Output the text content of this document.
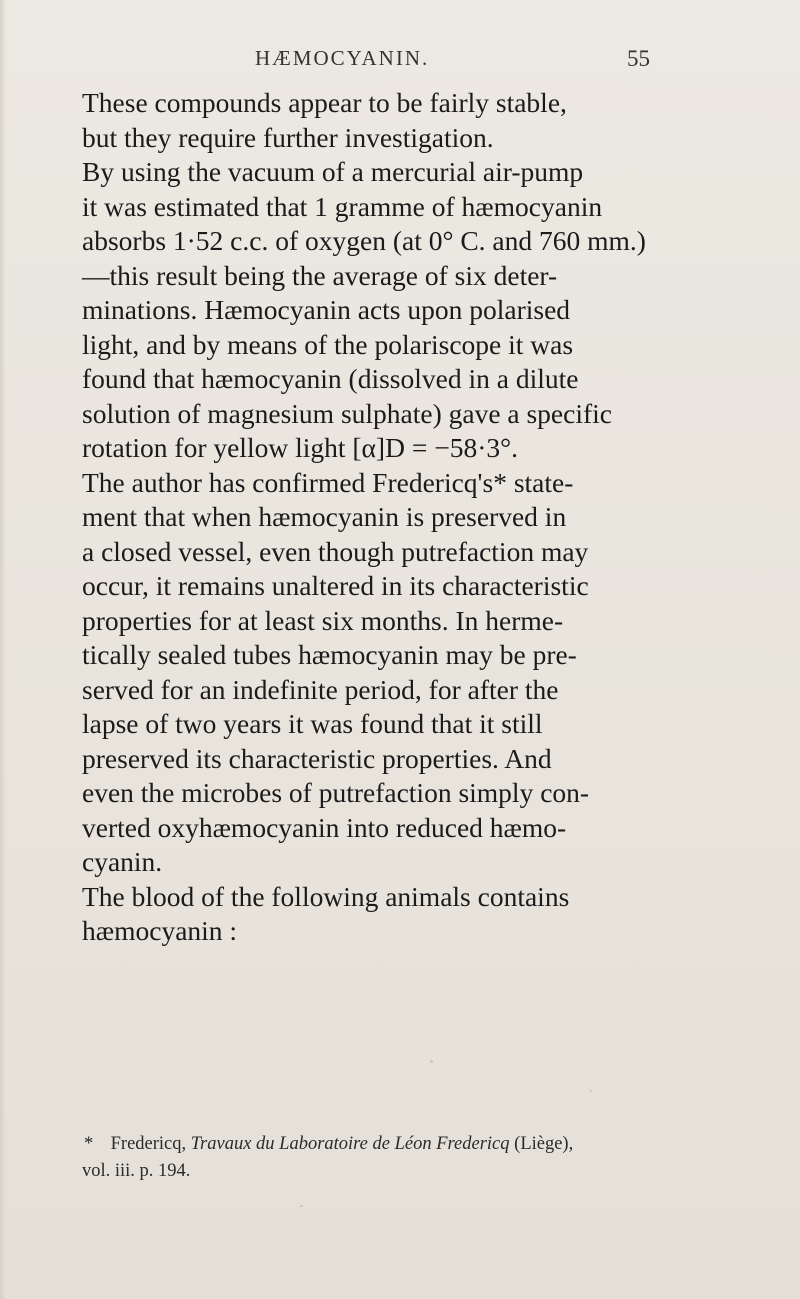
HÆMOCYANIN.	55
These compounds appear to be fairly stable,
but they require further investigation.
By using the vacuum of a mercurial air-pump
it was estimated that 1 gramme of hæmocyanin
absorbs 1·52 c.c. of oxygen (at 0° C. and 760 mm.)
—this result being the average of six deter-
minations. Hæmocyanin acts upon polarised
light, and by means of the polariscope it was
found that hæmocyanin (dissolved in a dilute
solution of magnesium sulphate) gave a specific
rotation for yellow light [α]D = −58·3°.
The author has confirmed Fredericq's* state-
ment that when hæmocyanin is preserved in
a closed vessel, even though putrefaction may
occur, it remains unaltered in its characteristic
properties for at least six months. In herme-
tically sealed tubes hæmocyanin may be pre-
served for an indefinite period, for after the
lapse of two years it was found that it still
preserved its characteristic properties. And
even the microbes of putrefaction simply con-
verted oxyhæmocyanin into reduced hæmo-
cyanin.
The blood of the following animals contains
hæmocyanin :
* Fredericq, Travaux du Laboratoire de Léon Fredericq (Liège),
vol. iii. p. 194.
